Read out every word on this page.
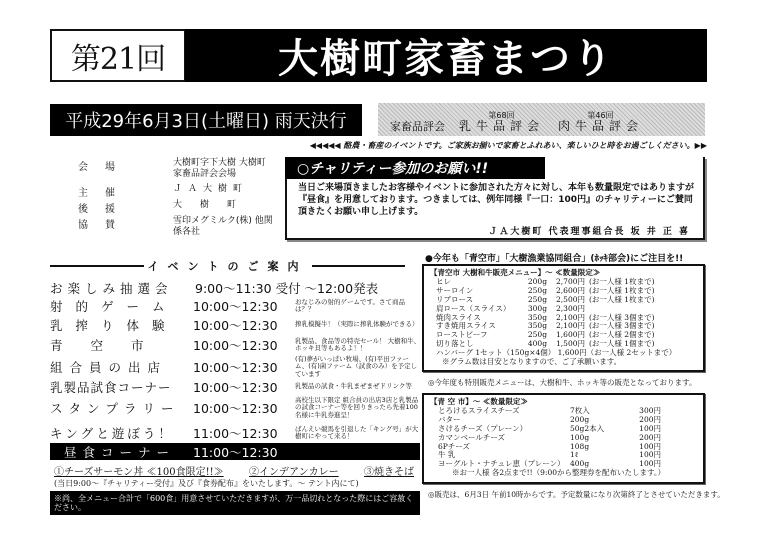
第21回	大樹町家畜まつり
平成29年6月3日(土曜日) 雨天決行
	家畜品評会
第68回
乳牛品評会
第46回
肉牛品評会
◀◀◀◀◀ 酪農・畜産のイベントです。ご家族お揃いで家畜とふれあい、楽しいひと時をお過ごしください。▶▶
会 場	大樹町字下大樹 大樹町家畜品評会会場
主 催	ＪＡ大樹町
後 援	大樹町
協 賛	雪印メグミルク(株) 他関係各社
○チャリティー参加のお願い!!
当日ご来場頂きましたお客様やイベントに参加された方々に対し、本年も数量限定ではありますが『昼食』を用意しております。つきましては、例年同様『一口：100円』のチャリティーにご賛同頂きたくお願い申し上げます。
ＪＡ大樹町 代表理事組合長 坂 井 正 喜
イベントのご案内
お楽しみ抽選会	9:00〜11:30 受付 〜12:00発表
射的ゲーム	10:00〜12:30	おなじみの射的ゲームです。さて商品は？？
乳搾り体験	10:00〜12:30	搾乳模擬牛！（実際に搾乳体験ができる）
青空市	10:00〜12:30	乳製品、食品等の特売セール！ 大樹和牛、ホッキ貝等もあるよ！！
組合員の出店	10:00〜12:30
(有)夢がいっぱい牧場、(有)平田ファーム、(有)菌ファーム（試食のみ）を予定しています
乳製品試食コーナー	10:00〜12:30	乳製品の試食・牛乳まぜまぜドリンク等
スタンプラリー	10:00〜12:30
高校生以下限定 組合員の出店3店と乳製品の試食コーナー等を回りきったら先着100名様に牛乳券進呈！
キングと遊ぼう！	11:00〜12:30	ばんえい競馬を引退した「キング号」が大樹町にやって来る！
昼食コーナー	11:00〜12:30
①チーズサーモン丼 ≪100食限定!!≫	②インデアンカレー	③焼きそば
(当日9:00〜『チャリティー受付』及び『食券配布』をいたします。〜 テント内にて)
※尚、全メニュー合計で「600食」用意させていただきますが、万一品切れとなった際にはご容赦ください。
●今年も「青空市」「大樹漁業協同組合」(ﾎｯｷ部会)にご注目を!!
【青空市 大樹和牛販売メニュー】〜 ≪数量限定≫
ヒレ	200g	2,700円 (お一人様 1枚まで)
サーロイン	250g	2,600円 (お一人様 1枚まで)
リブロース	250g	2,500円 (お一人様 1枚まで)
肩ロース（スライス）	300g	2,300円
焼肉スライス	350g	2,100円 (お一人様 3個まで)
すき焼用スライス	350g	2,100円 (お一人様 3個まで)
ローストビーフ	250g	1,600円 (お一人様 2個まで)
切り落とし	400g	1,500円 (お一人様 1個まで)
ハンバーグ 1セット（150g×4個） 1,600円（お一人様 2セットまで）
※グラム数は目安となりますので、ご了承願います。
◎今年度も特別販売メニューは、大樹和牛、ホッキ等の販売となっております。
【青 空 市】〜 ≪数量限定≫
とろけるスライスチーズ	7枚入	300円
バター	200g	200円
さけるチーズ（プレーン）	50g2本入	100円
カマンベールチーズ	100g	200円
6Pチーズ	108g	100円
牛 乳	1ℓ	100円
ヨーグルト・ナチュレ恵（プレーン） 400g	100円
※お一人様 各2点まで!!（9:00から整理券を配布いたします。）
◎販売は、6月3日 午前10時からです。予定数量になり次第終了とさせていただきます。
